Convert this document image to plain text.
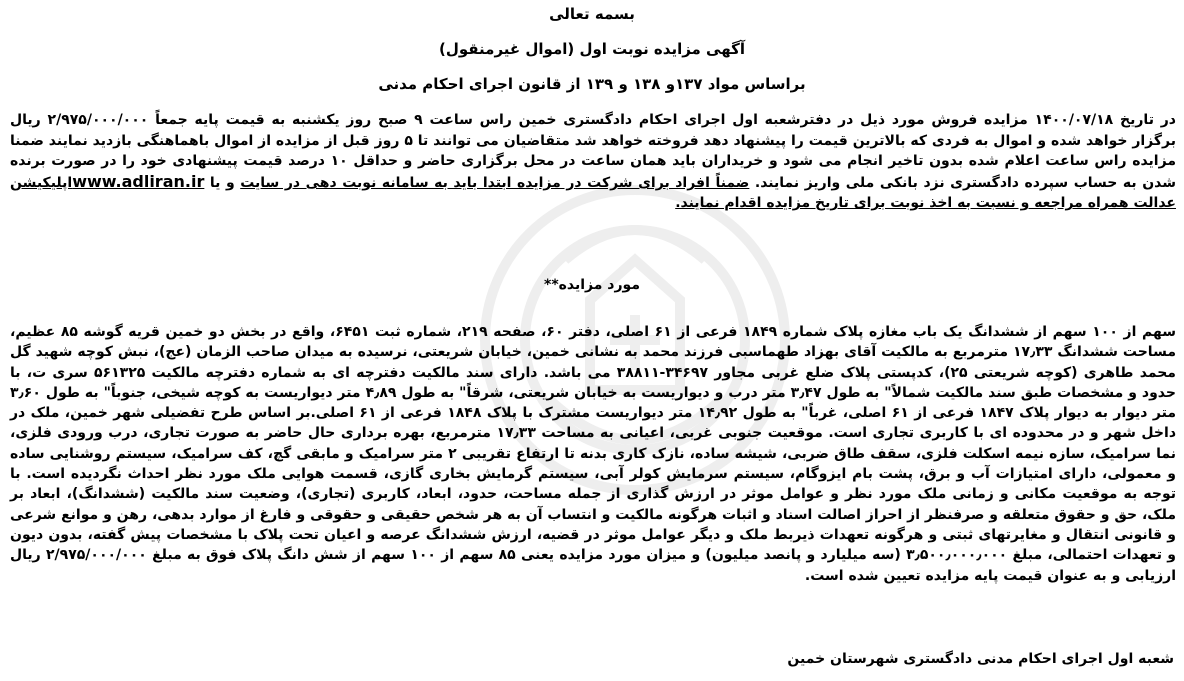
بسمه تعالی

آگهی مزایده نوبت اول (اموال غیرمنقول)

براساس مواد ۱۳۷و ۱۳۸ و ۱۳۹ از قانون اجرای احکام مدنی

در تاریخ ۱۴۰۰/۰۷/۱۸ مزایده فروش مورد ذیل در دفترشعبه اول اجرای احکام دادگستری خمین راس ساعت ۹ صبح روز یکشنبه به قیمت پایه جمعاً ۲/۹۷۵/۰۰۰/۰۰۰ ریال برگزار خواهد شده و اموال به فردی که بالاترین قیمت را پیشنهاد دهد فروخته خواهد شد متقاضیان می توانند تا ۵ روز قبل از مزایده از اموال باهماهنگی بازدید نمایند ضمنا مزایده راس ساعت اعلام شده بدون تاخیر انجام می شود و خریداران باید همان ساعت در محل برگزاری حاضر و حداقل ۱۰ درصد قیمت پیشنهادی خود را در صورت برنده شدن به حساب سپرده دادگستری نزد بانکی ملی واریز نمایند. ضمناً افراد برای شرکت در مزایده ابتدا باید به سامانه نوبت دهی در سایت و یا www.adliran.irاپلیکیشن عدالت همراه مراجعه و نسبت به اخذ نوبت برای تاریخ مزایده اقدام نمایند.

مورد مزایده**

سهم از ۱۰۰ سهم از ششدانگ یک باب مغازه پلاک شماره ۱۸۴۹ فرعی از ۶۱ اصلی، دفتر ۶۰، صفحه ۲۱۹، شماره ثبت ۶۴۵۱، واقع در بخش دو خمین قریه گوشه ۸۵ عظیم، مساحت ششدانگ ۱۷٫۳۳ مترمربع به مالکیت آقای بهزاد طهماسبی فرزند محمد به نشانی خمین، خیابان شریعتی، نرسیده به میدان صاحب الزمان (عج)، نبش کوچه شهید گل محمد طاهری (کوچه شریعتی ۲۵)، کدپستی پلاک ضلع غربی مجاور ۳۴۶۹۷-۳۸۸۱۱ می باشد. دارای سند مالکیت دفترچه ای به شماره دفترچه مالکیت ۵۶۱۳۲۵ سری ت، با حدود و مشخصات طبق سند مالکیت شمالاً" به طول ۳٫۴۷ متر درب و دیواریست به خیابان شریعتی، شرقاً" به طول ۴٫۸۹ متر دیواریست به کوچه شیخی، جنوباً" به طول ۳٫۶۰ متر دیوار به دیوار پلاک ۱۸۴۷ فرعی از ۶۱ اصلی، غرباً" به طول ۱۴٫۹۲ متر دیواریست مشترک با پلاک ۱۸۴۸ فرعی از ۶۱ اصلی.بر اساس طرح تفضیلی شهر خمین، ملک در داخل شهر و در محدوده ای با کاربری تجاری است. موقعیت جنوبی غربی، اعیانی به مساحت ۱۷٫۳۳ مترمربع، بهره برداری حال حاضر به صورت تجاری، درب ورودی فلزی، نما سرامیک، سازه نیمه اسکلت فلزی، سقف طاق ضربی، شیشه ساده، نازک کاری بدنه تا ارتفاع تقریبی ۲ متر سرامیک و مابقی گچ، کف سرامیک، سیستم روشنایی ساده و معمولی، دارای امتیازات آب و برق، پشت بام ایزوگام، سیستم سرمایش کولر آبی، سیستم گرمایش بخاری گازی، قسمت هوایی ملک مورد نظر احداث نگردیده است. با توجه به موقعیت مکانی و زمانی ملک مورد نظر و عوامل موثر در ارزش گذاری از جمله مساحت، حدود، ابعاد، کاربری (تجاری)، وضعیت سند مالکیت (ششدانگ)، ابعاد بر ملک، حق و حقوق متعلقه و صرفنظر از احراز اصالت اسناد و اثبات هرگونه مالکیت و انتساب آن به هر شخص حقیقی و حقوقی و فارغ از موارد بدهی، رهن و موانع شرعی و قانونی انتقال و مغایرتهای ثبتی و هرگونه تعهدات ذیربط ملک و دیگر عوامل موثر در قضیه، ارزش ششدانگ عرصه و اعیان تحت پلاک با مشخصات پیش گفته، بدون دیون و تعهدات احتمالی، مبلغ ۳٫۵۰۰٫۰۰۰٫۰۰۰ (سه میلیارد و پانصد میلیون) و میزان مورد مزایده یعنی ۸۵ سهم از ۱۰۰ سهم از شش دانگ پلاک فوق به مبلغ ۲/۹۷۵/۰۰۰/۰۰۰ ریال ارزیابی و به عنوان قیمت پایه مزایده تعیین شده است.

شعبه اول اجرای احکام مدنی دادگستری شهرستان خمین
